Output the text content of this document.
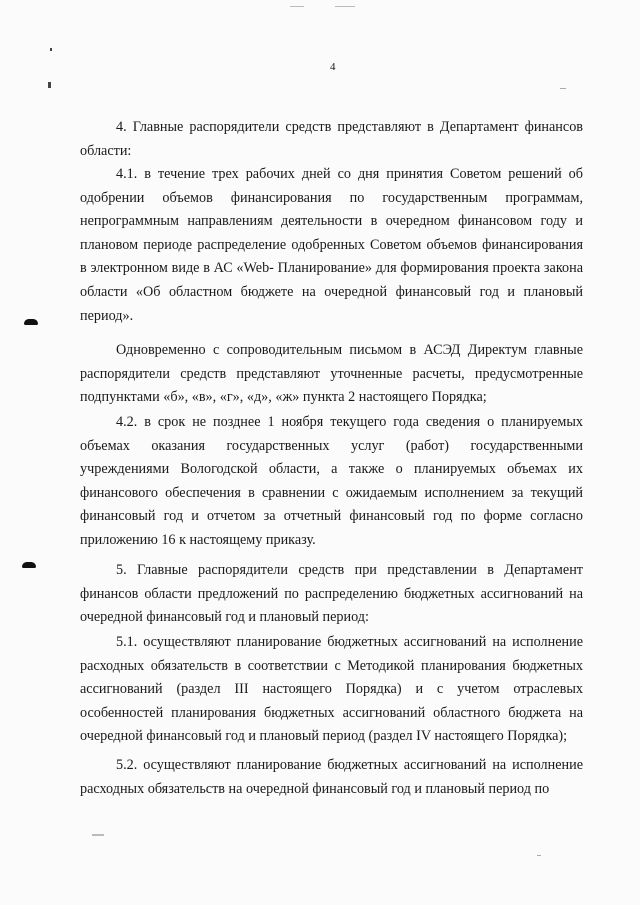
4

4. Главные распорядители средств представляют в Департамент финансов области:

4.1. в течение трех рабочих дней со дня принятия Советом решений об одобрении объемов финансирования по государственным программам, непрограммным направлениям деятельности в очередном финансовом году и плановом периоде распределение одобренных Советом объемов финансирования в электронном виде в АС «Web- Планирование» для формирования проекта закона области «Об областном бюджете на очередной финансовый год и плановый период».

Одновременно с сопроводительным письмом в АСЭД Директум главные распорядители средств представляют уточненные расчеты, предусмотренные подпунктами «б», «в», «г», «д», «ж» пункта 2 настоящего Порядка;

4.2. в срок не позднее 1 ноября текущего года сведения о планируемых объемах оказания государственных услуг (работ) государственными учреждениями Вологодской области, а также о планируемых объемах их финансового обеспечения в сравнении с ожидаемым исполнением за текущий финансовый год и отчетом за отчетный финансовый год по форме согласно приложению 16 к настоящему приказу.

5. Главные распорядители средств при представлении в Департамент финансов области предложений по распределению бюджетных ассигнований на очередной финансовый год и плановый период:

5.1. осуществляют планирование бюджетных ассигнований на исполнение расходных обязательств в соответствии с Методикой планирования бюджетных ассигнований (раздел III настоящего Порядка) и с учетом отраслевых особенностей планирования бюджетных ассигнований областного бюджета на очередной финансовый год и плановый период (раздел IV настоящего Порядка);

5.2. осуществляют планирование бюджетных ассигнований на исполнение расходных обязательств на очередной финансовый год и плановый период по
